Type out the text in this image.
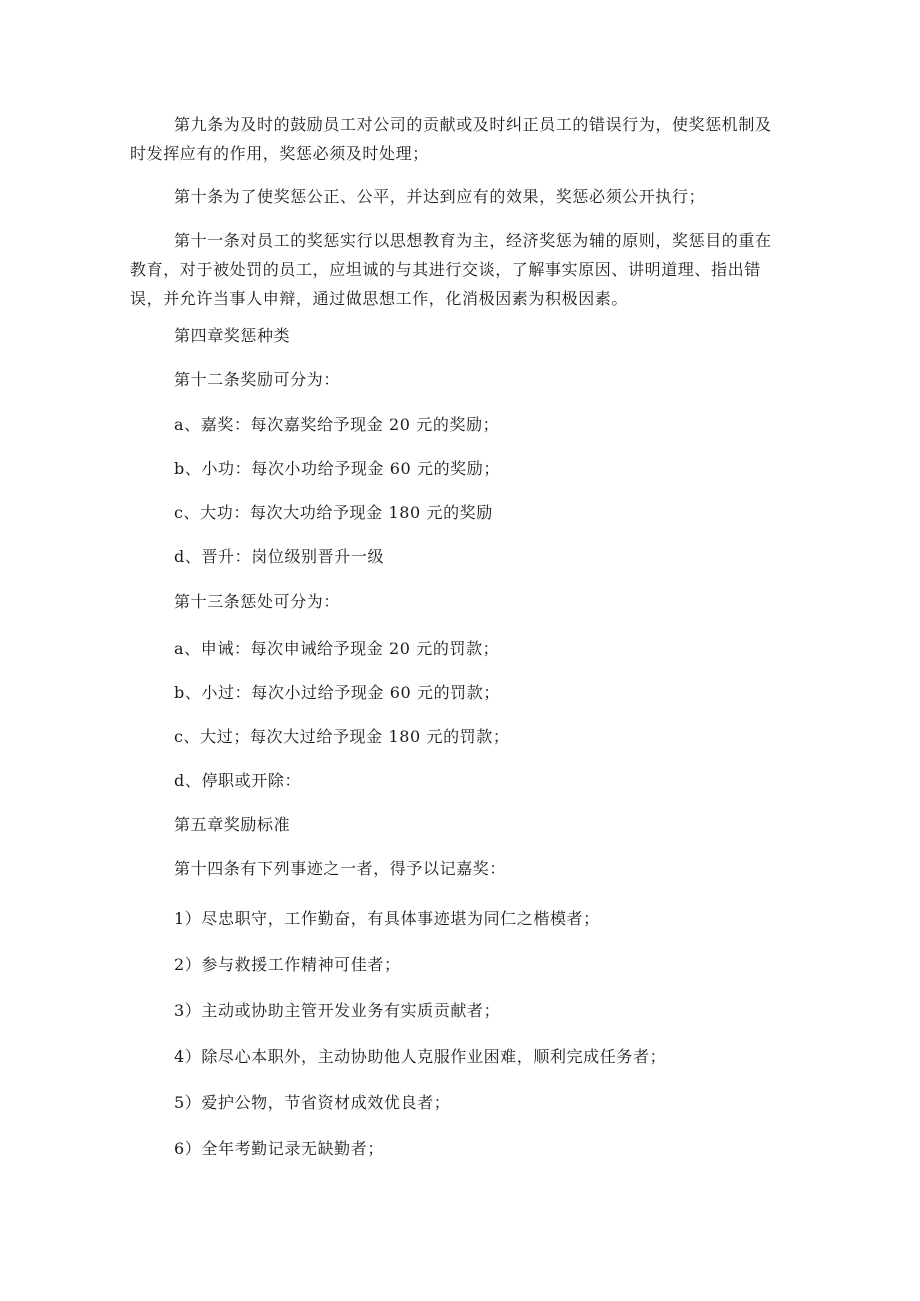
第九条为及时的鼓励员工对公司的贡献或及时纠正员工的错误行为，使奖惩机制及
时发挥应有的作用，奖惩必须及时处理；

第十条为了使奖惩公正、公平，并达到应有的效果，奖惩必须公开执行；

第十一条对员工的奖惩实行以思想教育为主，经济奖惩为辅的原则，奖惩目的重在
教育，对于被处罚的员工，应坦诚的与其进行交谈，了解事实原因、讲明道理、指出错
误，并允许当事人申辩，通过做思想工作，化消极因素为积极因素。

第四章奖惩种类

第十二条奖励可分为：

a、嘉奖：每次嘉奖给予现金 20 元的奖励；

b、小功：每次小功给予现金 60 元的奖励；

c、大功：每次大功给予现金 180 元的奖励

d、晋升：岗位级别晋升一级

第十三条惩处可分为：

a、申诫：每次申诫给予现金 20 元的罚款；

b、小过：每次小过给予现金 60 元的罚款；

c、大过；每次大过给予现金 180 元的罚款；

d、停职或开除：

第五章奖励标准

第十四条有下列事迹之一者，得予以记嘉奖：

1）尽忠职守，工作勤奋，有具体事迹堪为同仁之楷模者；

2）参与救援工作精神可佳者；

3）主动或协助主管开发业务有实质贡献者；

4）除尽心本职外，主动协助他人克服作业困难，顺利完成任务者；

5）爱护公物，节省资材成效优良者；

6）全年考勤记录无缺勤者；
